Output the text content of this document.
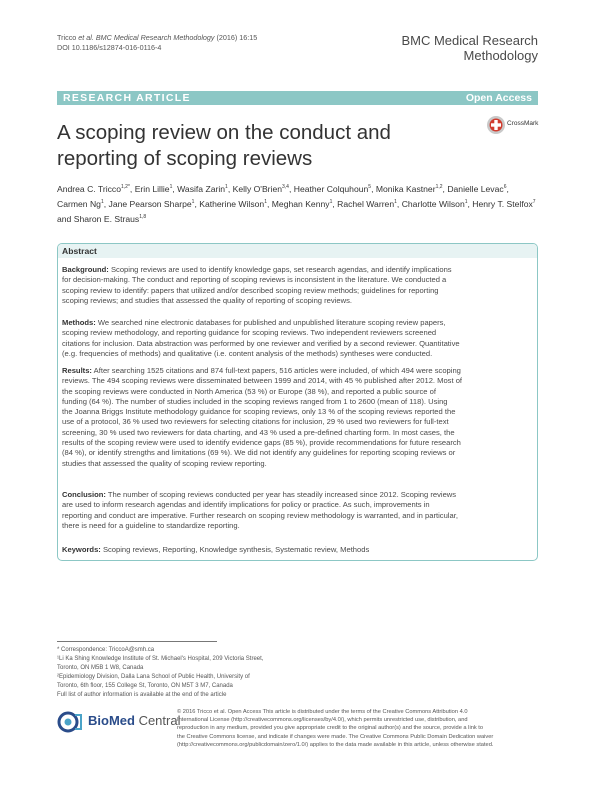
Tricco et al. BMC Medical Research Methodology (2016) 16:15
DOI 10.1186/s12874-016-0116-4	BMC Medical Research
Methodology
RESEARCH ARTICLE	Open Access
A scoping review on the conduct and
reporting of scoping reviews
CrossMark
Andrea C. Tricco$^{1,2*}$, Erin Lillie$^1$, Wasifa Zarin$^1$, Kelly O'Brien$^{3,4}$, Heather Colquhoun$^5$, Monika Kastner$^{1,2}$, Danielle Levac$^6$, Carmen Ng$^1$, Jane Pearson Sharpe$^1$, Katherine Wilson$^1$, Meghan Kenny$^1$, Rachel Warren$^1$, Charlotte Wilson$^1$, Henry T. Stelfox$^7$ and Sharon E. Straus$^{1,8}$
Abstract
Background: Scoping reviews are used to identify knowledge gaps, set research agendas, and identify implications
for decision-making. The conduct and reporting of scoping reviews is inconsistent in the literature. We conducted a
scoping review to identify: papers that utilized and/or described scoping review methods; guidelines for reporting
scoping reviews; and studies that assessed the quality of reporting of scoping reviews.
Methods: We searched nine electronic databases for published and unpublished literature scoping review papers,
scoping review methodology, and reporting guidance for scoping reviews. Two independent reviewers screened
citations for inclusion. Data abstraction was performed by one reviewer and verified by a second reviewer. Quantitative
(e.g. frequencies of methods) and qualitative (i.e. content analysis of the methods) syntheses were conducted.
Results: After searching 1525 citations and 874 full-text papers, 516 articles were included, of which 494 were scoping
reviews. The 494 scoping reviews were disseminated between 1999 and 2014, with 45 % published after 2012. Most of
the scoping reviews were conducted in North America (53 %) or Europe (38 %), and reported a public source of
funding (64 %). The number of studies included in the scoping reviews ranged from 1 to 2600 (mean of 118). Using
the Joanna Briggs Institute methodology guidance for scoping reviews, only 13 % of the scoping reviews reported the
use of a protocol, 36 % used two reviewers for selecting citations for inclusion, 29 % used two reviewers for full-text
screening, 30 % used two reviewers for data charting, and 43 % used a pre-defined charting form. In most cases, the
results of the scoping review were used to identify evidence gaps (85 %), provide recommendations for future research
(84 %), or identify strengths and limitations (69 %). We did not identify any guidelines for reporting scoping reviews or
studies that assessed the quality of scoping review reporting.
Conclusion: The number of scoping reviews conducted per year has steadily increased since 2012. Scoping reviews
are used to inform research agendas and identify implications for policy or practice. As such, improvements in
reporting and conduct are imperative. Further research on scoping review methodology is warranted, and in particular,
there is need for a guideline to standardize reporting.
Keywords: Scoping reviews, Reporting, Knowledge synthesis, Systematic review, Methods
* Correspondence: TriccoA@smh.ca
¹Li Ka Shing Knowledge Institute of St. Michael's Hospital, 209 Victoria Street,
Toronto, ON M5B 1 W8, Canada
²Epidemiology Division, Dalla Lana School of Public Health, University of
Toronto, 6th floor, 155 College St, Toronto, ON M5T 3 M7, Canada
Full list of author information is available at the end of the article
BioMed Central
© 2016 Tricco et al. Open Access This article is distributed under the terms of the Creative Commons Attribution 4.0
International License (http://creativecommons.org/licenses/by/4.0/), which permits unrestricted use, distribution, and
reproduction in any medium, provided you give appropriate credit to the original author(s) and the source, provide a link to
the Creative Commons license, and indicate if changes were made. The Creative Commons Public Domain Dedication waiver
(http://creativecommons.org/publicdomain/zero/1.0/) applies to the data made available in this article, unless otherwise stated.
